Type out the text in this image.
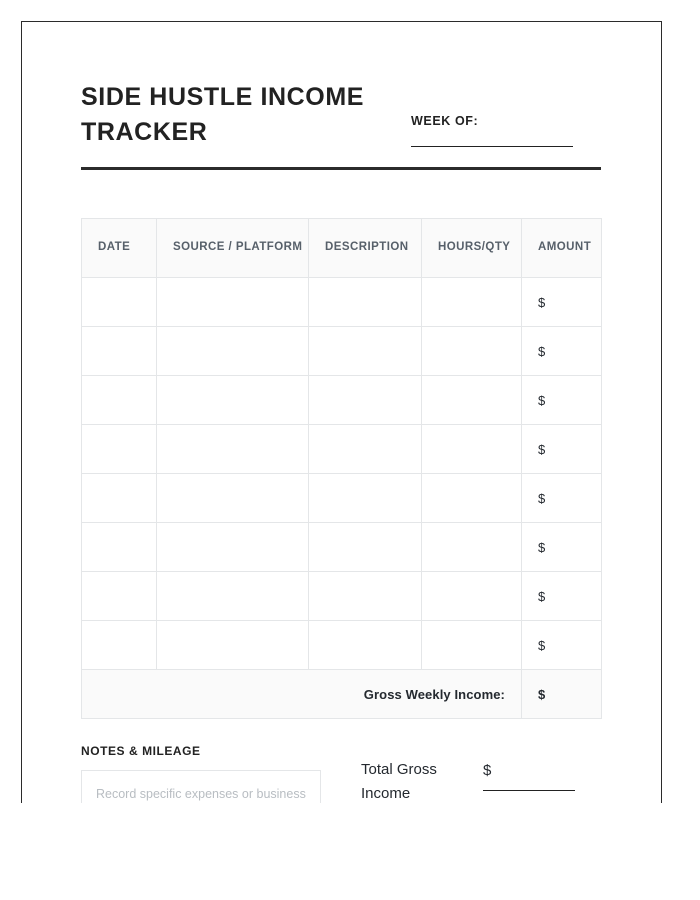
SIDE HUSTLE INCOME TRACKER	WEEK OF:
DATE	SOURCE / PLATFORM	DESCRIPTION	HOURS/QTY	AMOUNT
				$
				$
				$
				$
				$
				$
				$
				$
Gross Weekly Income:				$
NOTES & MILEAGE
Record specific expenses or business goals here...
Total Gross Income
$
